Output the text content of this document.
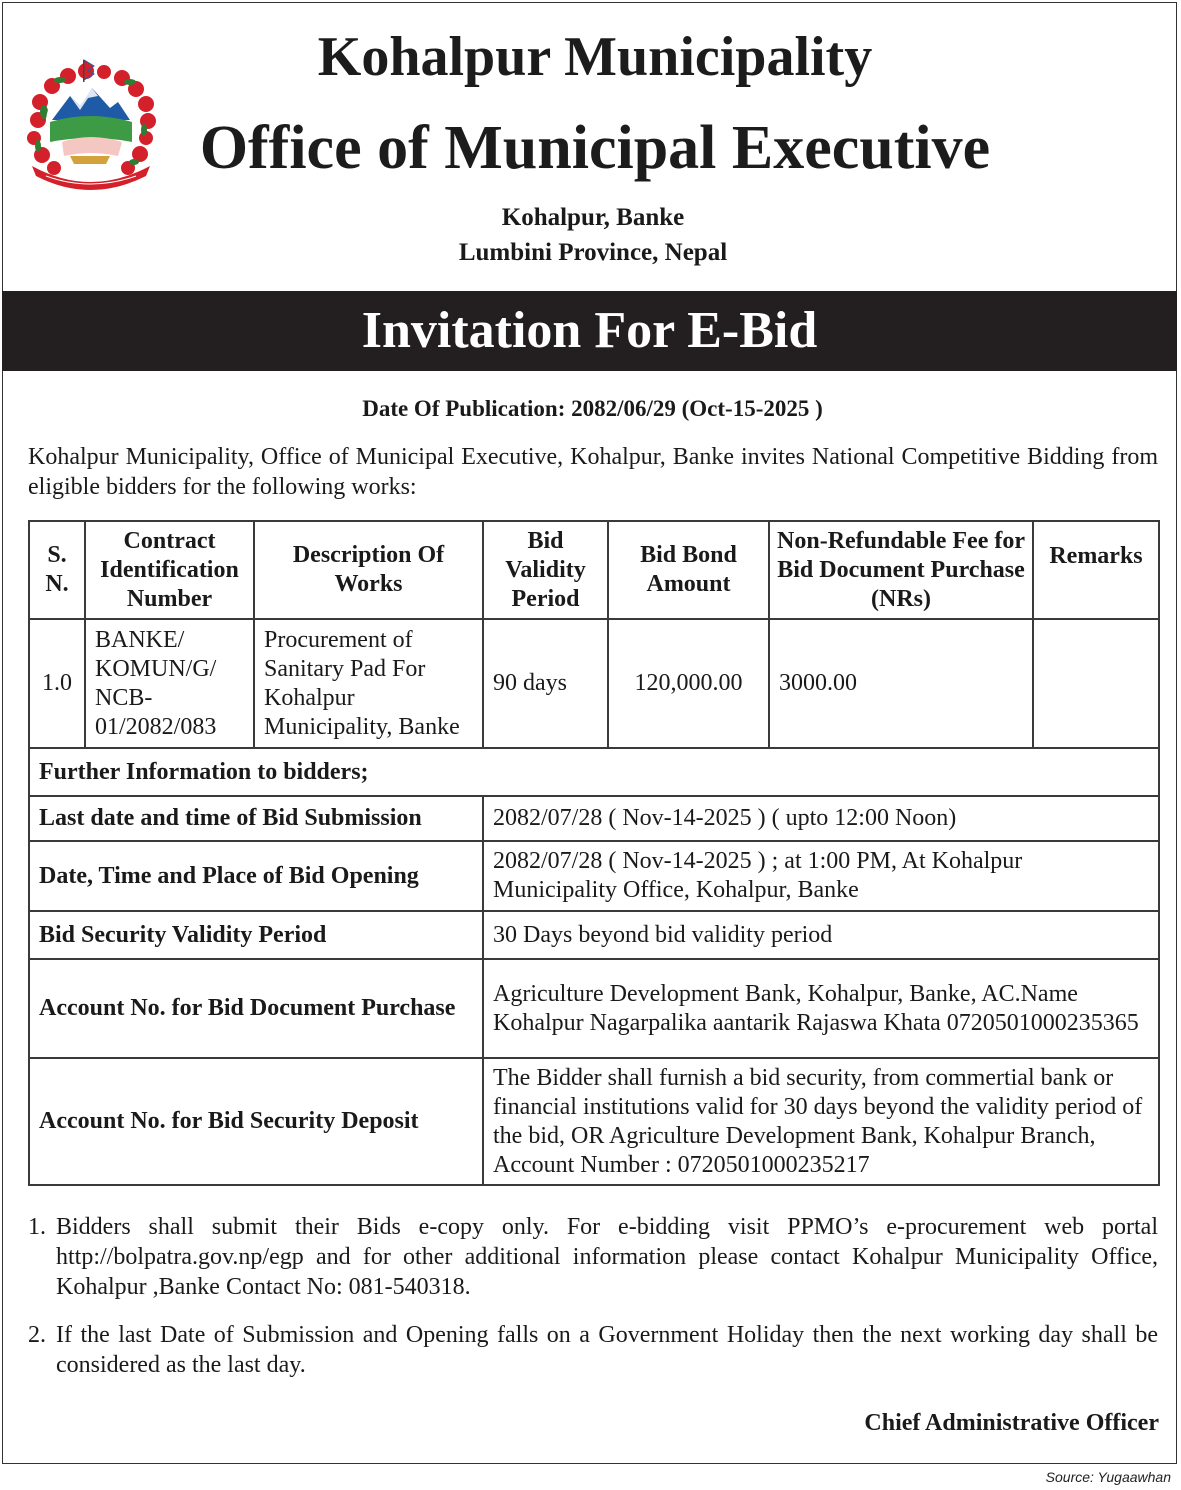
Kohalpur Municipality
Office of Municipal Executive
Kohalpur, Banke
Lumbini Province, Nepal
Invitation For E-Bid
Date Of Publication: 2082/06/29 (Oct-15-2025 )
Kohalpur Municipality, Office of Municipal Executive, Kohalpur, Banke invites National Competitive Bidding from eligible bidders for the following works:
S. N.	Contract Identification Number	Description Of Works	Bid Validity Period	Bid Bond Amount	Non-Refundable Fee for Bid Document Purchase (NRs)	Remarks
1.0	BANKE/ KOMUN/G/ NCB- 01/2082/083	Procurement of Sanitary Pad For Kohalpur Municipality, Banke	90 days	120,000.00	3000.00	
Further Information to bidders;						
Last date and time of Bid Submission			2082/07/28 ( Nov-14-2025 ) ( upto 12:00 Noon)			
Date, Time and Place of Bid Opening			2082/07/28 ( Nov-14-2025 ) ; at 1:00 PM, At Kohalpur Municipality Office, Kohalpur, Banke			
Bid Security Validity Period			30 Days beyond bid validity period			
Account No. for Bid Document Purchase			Agriculture Development Bank, Kohalpur, Banke, AC.Name Kohalpur Nagarpalika aantarik Rajaswa Khata 0720501000235365			
Account No. for Bid Security Deposit			The Bidder shall furnish a bid security, from commertial bank or financial institutions valid for 30 days beyond the validity period of the bid, OR Agriculture Development Bank, Kohalpur Branch, Account Number : 0720501000235217			
1. Bidders shall submit their Bids e-copy only. For e-bidding visit PPMO’s e-procurement web portal http://bolpatra.gov.np/egp and for other additional information please contact Kohalpur Municipality Office, Kohalpur ,Banke Contact No: 081-540318.
2. If the last Date of Submission and Opening falls on a Government Holiday then the next working day shall be considered as the last day.
Chief Administrative Officer
Source: Yugaawhan
